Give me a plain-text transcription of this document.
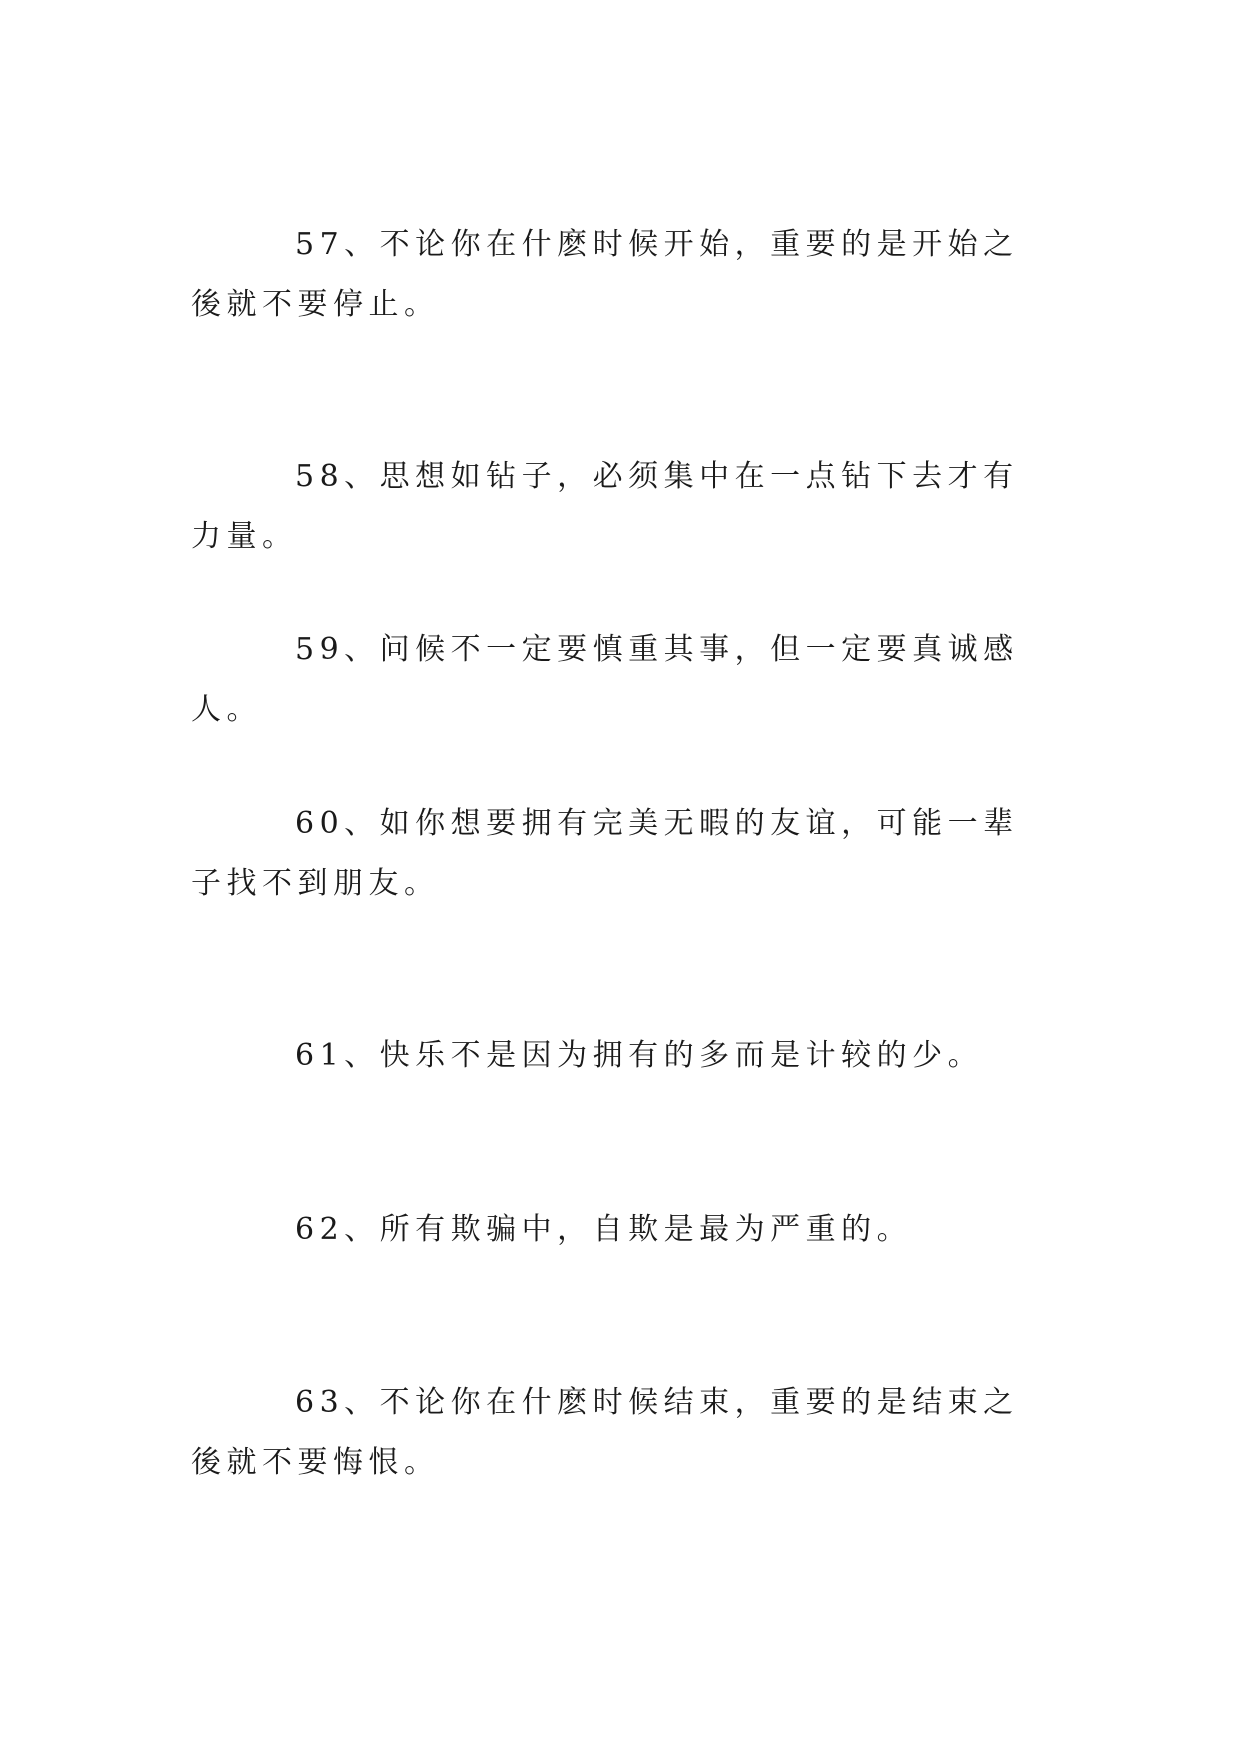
57、不论你在什麽时候开始，重要的是开始之後就不要停止。

58、思想如钻子，必须集中在一点钻下去才有力量。

59、问候不一定要慎重其事，但一定要真诚感人。

60、如你想要拥有完美无暇的友谊，可能一辈子找不到朋友。

61、快乐不是因为拥有的多而是计较的少。

62、所有欺骗中，自欺是最为严重的。

63、不论你在什麽时候结束，重要的是结束之後就不要悔恨。
